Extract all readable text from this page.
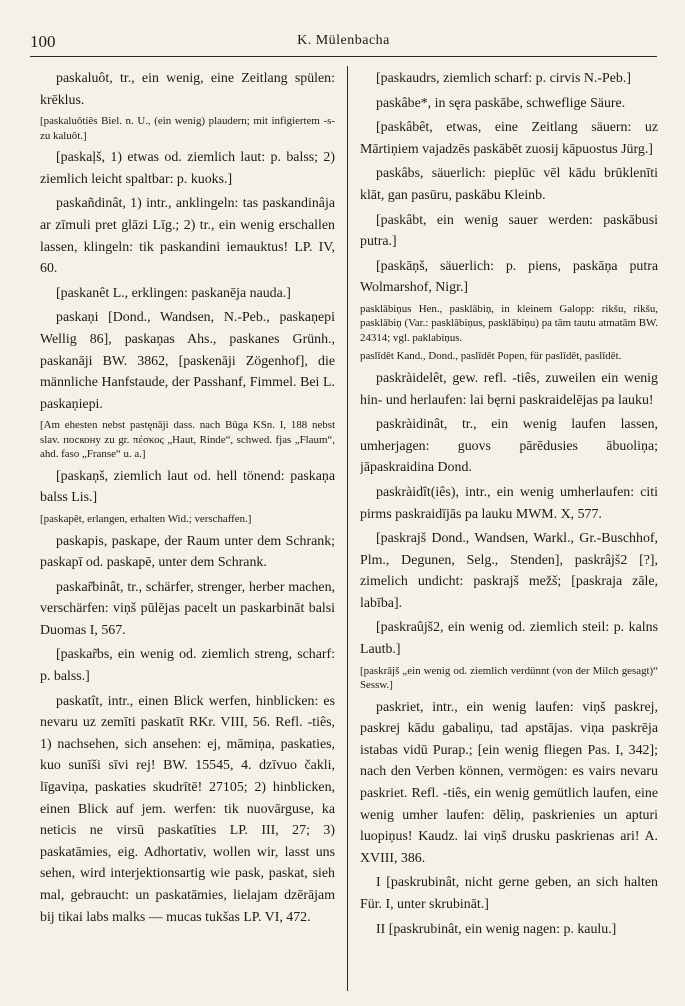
100	K. Mülenbacha

paskaluôt, tr., ein wenig, eine Zeitlang spülen: krēklus.

[paskaluôtiês Biel. n. U., (ein wenig) plaudern; mit infigiertem -s- zu kaluôt.]

[paskaļš, 1) etwas od. ziemlich laut: p. balss; 2) ziemlich leicht spaltbar: p. kuoks.]

paskañdinât, 1) intr., anklingeln: tas paskandinâja ar zīmuli pret glāzi Līg.; 2) tr., ein wenig erschallen lassen, klingeln: tik paskandini iemauktus! LP. IV, 60.

[paskanêt L., erklingen: paskanēja nauda.]

paskaņi [Dond., Wandsen, N.-Peb., paskaņepi Wellig 86], paskaņas Ahs., paskanes Grünh., paskanāji BW. 3862, [paskenāji Zögenhof], die männliche Hanfstaude, der Passhanf, Fimmel. Bei L. paskaņiepi.

[Am ehesten nebst pastęnāji dass. nach Būga KSn. I, 188 nebst slav. поскону zu gr. πέσκος „Haut, Rinde“, schwed. fjas „Flaum“, ahd. faso „Franse“ u. a.]

[paskaņš, ziemlich laut od. hell tönend: paskaņa balss Lis.]

[paskapêt, erlangen, erhalten Wid.; verschaffen.]

paskapis, paskape, der Raum unter dem Schrank; paskapī od. paskapē, unter dem Schrank.

paskar̃binât, tr., schärfer, strenger, herber machen, verschärfen: viņš pūlējas pacelt un paskarbināt balsi Duomas I, 567.

[paskar̃bs, ein wenig od. ziemlich streng, scharf: p. balss.]

paskatît, intr., einen Blick werfen, hinblicken: es nevaru uz zemīti paskatīt RKr. VIII, 56. Refl. -tiês, 1) nachsehen, sich ansehen: ej, māmiņa, paskaties, kuo sunīši sīvi rej! BW. 15545, 4. dzīvuo čakli, līgaviņa, paskaties skudrītē! 27105; 2) hinblicken, einen Blick auf jem. werfen: tik nuovārguse, ka neticis ne virsū paskatīties LP. III, 27; 3) paskatāmies, eig. Adhortativ, wollen wir, lasst uns sehen, wird interjektionsartig wie pask, paskat, sieh mal, gebraucht: un paskatāmies, lielajam dzērājam bij tikai labs malks — mucas tukšas LP. VI, 472.

[paskaudrs, ziemlich scharf: p. cirvis N.-Peb.]

paskâbe*, in sęra paskābe, schweflige Säure.

[paskâbêt, etwas, eine Zeitlang säuern: uz Mārtiņiem vajadzēs paskābēt zuosij kāpuostus Jürg.]

paskâbs, säuerlich: pieplūc vēl kādu brūklenīti klāt, gan pasūru, paskābu Kleinb.

[paskâbt, ein wenig sauer werden: paskābusi putra.]

[paskāņš, säuerlich: p. piens, paskāņa putra Wolmarshof, Nigr.]

pasklābiņus Hen., pasklābiņ, in kleinem Galopp: rikšu, rikšu, pasklābiņ (Var.: pasklābiņus, pasklābiņu) pa tām tautu atmatām BW. 24314; vgl. paklabiņus.

paslīdêt Kand., Dond., paslīdēt Popen, für paslīdēt, paslīdēt.

paskràidelêt, gew. refl. -tiês, zuweilen ein wenig hin- und herlaufen: lai bęrni paskraidelējas pa lauku!

paskràidinât, tr., ein wenig laufen lassen, umherjagen: guovs pārēdusies ābuoliņa; jāpaskraidina Dond.

paskràidît(iês), intr., ein wenig umherlaufen: citi pirms paskraidījās pa lauku MWM. X, 577.

[paskrajš Dond., Wandsen, Warkl., Gr.-Buschhof, Plm., Degunen, Selg., Stenden], paskrâjš2 [?], zimelich undicht: paskrajš mežš; [paskraja zāle, labība].

[paskraûjš2, ein wenig od. ziemlich steil: p. kalns Lautb.]

[paskrājš „ein wenig od. ziemlich verdünnt (von der Milch gesagt)“ Sessw.]

paskriet, intr., ein wenig laufen: viņš paskrej, paskrej kādu gabaliņu, tad apstājas. viņa paskrēja istabas vidū Purap.; [ein wenig fliegen Pas. I, 342]; nach den Verben können, vermögen: es vairs nevaru paskriet. Refl. -tiês, ein wenig gemütlich laufen, eine wenig umher laufen: dēliņ, paskrienies un apturi luopiņus! Kaudz. lai viņš drusku paskrienas ari! A. XVIII, 386.

I [paskrubinât, nicht gerne geben, an sich halten Für. I, unter skrubināt.]

II [paskrubinât, ein wenig nagen: p. kaulu.]
